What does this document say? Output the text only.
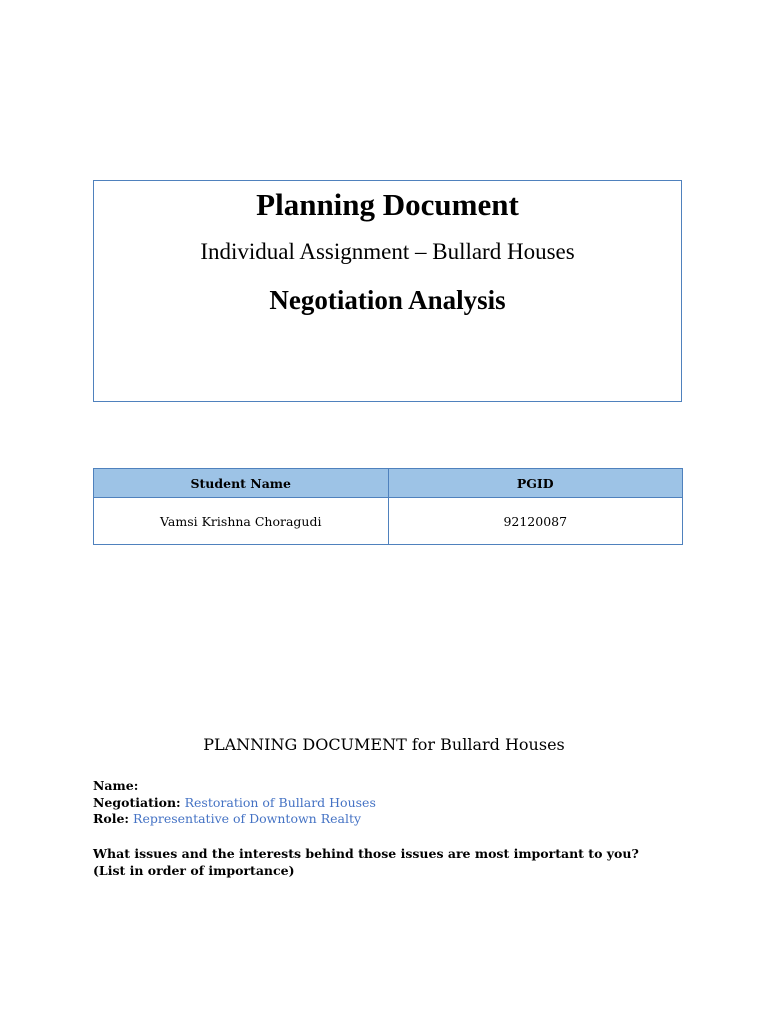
Planning Document
Individual Assignment – Bullard Houses
Negotiation Analysis
Student Name	PGID
Vamsi Krishna Choragudi	92120087
PLANNING DOCUMENT for Bullard Houses
Name:
Negotiation: Restoration of Bullard Houses
Role: Representative of Downtown Realty
What issues and the interests behind those issues are most important to you? (List in order of importance)
